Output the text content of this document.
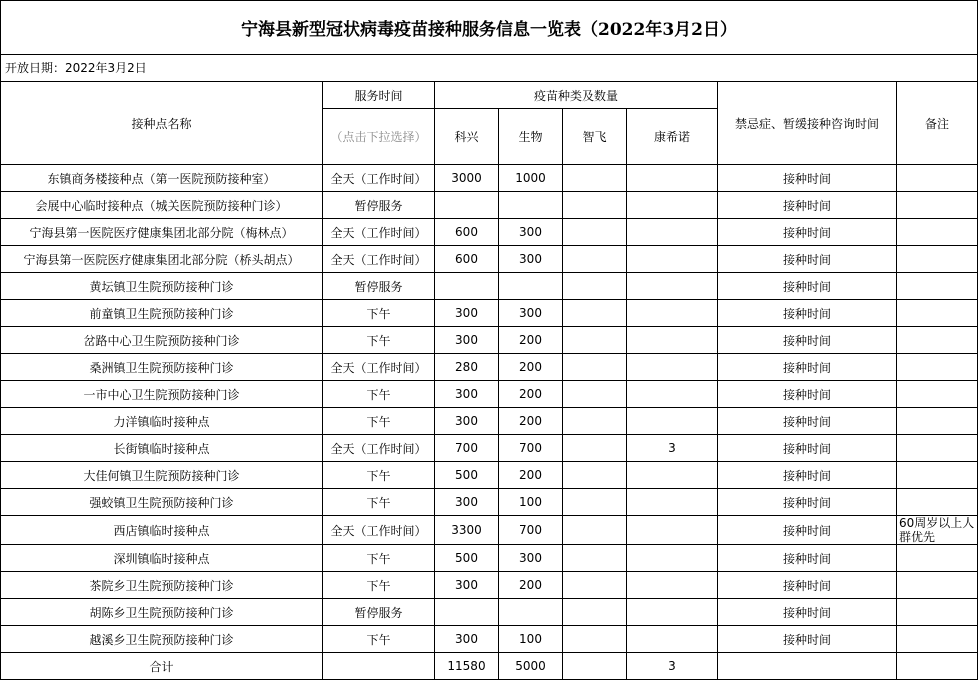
宁海县新型冠状病毒疫苗接种服务信息一览表（2022年3月2日）
开放日期：2022年3月2日
接种点名称	服务时间	疫苗种类及数量				禁忌症、暂缓接种咨询时间	备注
	（点击下拉选择）	科兴	生物	智飞	康希诺		
东镇商务楼接种点（第一医院预防接种室）	全天（工作时间）	3000	1000			接种时间	
会展中心临时接种点（城关医院预防接种门诊）	暂停服务					接种时间	
宁海县第一医院医疗健康集团北部分院（梅林点）	全天（工作时间）	600	300			接种时间	
宁海县第一医院医疗健康集团北部分院（桥头胡点）	全天（工作时间）	600	300			接种时间	
黄坛镇卫生院预防接种门诊	暂停服务					接种时间	
前童镇卫生院预防接种门诊	下午	300	300			接种时间	
岔路中心卫生院预防接种门诊	下午	300	200			接种时间	
桑洲镇卫生院预防接种门诊	全天（工作时间）	280	200			接种时间	
一市中心卫生院预防接种门诊	下午	300	200			接种时间	
力洋镇临时接种点	下午	300	200			接种时间	
长街镇临时接种点	全天（工作时间）	700	700		3	接种时间	
大佳何镇卫生院预防接种门诊	下午	500	200			接种时间	
强蛟镇卫生院预防接种门诊	下午	300	100			接种时间	
西店镇临时接种点	全天（工作时间）	3300	700			接种时间	60周岁以上人群优先
深圳镇临时接种点	下午	500	300			接种时间	
茶院乡卫生院预防接种门诊	下午	300	200			接种时间	
胡陈乡卫生院预防接种门诊	暂停服务					接种时间	
越溪乡卫生院预防接种门诊	下午	300	100			接种时间	
合计		11580	5000		3		
